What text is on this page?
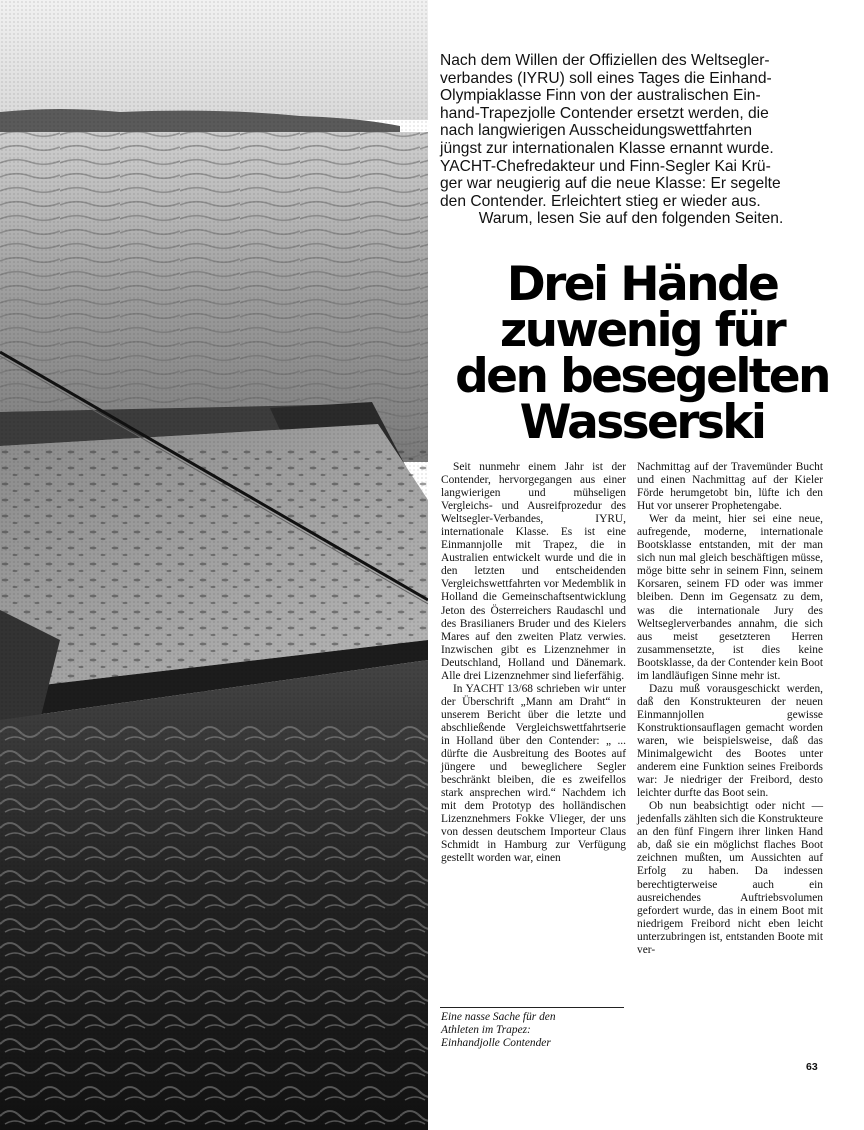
Nach dem Willen der Offiziellen des Weltsegler-
verbandes (IYRU) soll eines Tages die Einhand-
Olympiaklasse Finn von der australischen Ein-
hand-Trapezjolle Contender ersetzt werden, die
nach langwierigen Ausscheidungswettfahrten
jüngst zur internationalen Klasse ernannt wurde.
YACHT-Chefredakteur und Finn-Segler Kai Krü-
ger war neugierig auf die neue Klasse: Er segelte
den Contender. Erleichtert stieg er wieder aus.
Warum, lesen Sie auf den folgenden Seiten.
Drei Hände
zuwenig für
den besegelten
Wasserski

Seit nunmehr einem Jahr ist der Contender, hervorgegangen aus einer langwierigen und mühseligen Vergleichs- und Ausreifprozedur des Weltsegler-Verbandes, IYRU, internationale Klasse. Es ist eine Einmannjolle mit Trapez, die in Australien entwickelt wurde und die in den letzten und entscheidenden Vergleichswettfahrten vor Medemblik in Holland die Gemeinschaftsentwicklung Jeton des Österreichers Raudaschl und des Brasilianers Bruder und des Kielers Mares auf den zweiten Platz verwies. Inzwischen gibt es Lizenznehmer in Deutschland, Holland und Dänemark. Alle drei Lizenznehmer sind lieferfähig.

In YACHT 13/68 schrieben wir unter der Überschrift „Mann am Draht“ in unserem Bericht über die letzte und abschließende Vergleichswettfahrtserie in Holland über den Contender: „ ... dürfte die Ausbreitung des Bootes auf jüngere und beweglichere Segler beschränkt bleiben, die es zweifellos stark ansprechen wird.“ Nachdem ich mit dem Prototyp des holländischen Lizenznehmers Fokke Vlieger, der uns von dessen deutschem Importeur Claus Schmidt in Hamburg zur Verfügung gestellt worden war, einen

Nachmittag auf der Travemünder Bucht und einen Nachmittag auf der Kieler Förde herumgetobt bin, lüfte ich den Hut vor unserer Prophetengabe.

Wer da meint, hier sei eine neue, aufregende, moderne, internationale Bootsklasse entstanden, mit der man sich nun mal gleich beschäftigen müsse, möge bitte sehr in seinem Finn, seinem Korsaren, seinem FD oder was immer bleiben. Denn im Gegensatz zu dem, was die internationale Jury des Weltseglerverbandes annahm, die sich aus meist gesetzteren Herren zusammensetzte, ist dies keine Bootsklasse, da der Contender kein Boot im landläufigen Sinne mehr ist.

Dazu muß vorausgeschickt werden, daß den Konstrukteuren der neuen Einmannjollen gewisse Konstruktionsauflagen gemacht worden waren, wie beispielsweise, daß das Minimalgewicht des Bootes unter anderem eine Funktion seines Freibords war: Je niedriger der Freibord, desto leichter durfte das Boot sein.

Ob nun beabsichtigt oder nicht — jedenfalls zählten sich die Konstrukteure an den fünf Fingern ihrer linken Hand ab, daß sie ein möglichst flaches Boot zeichnen mußten, um Aussichten auf Erfolg zu haben. Da indessen berechtigterweise auch ein ausreichendes Auftriebsvolumen gefordert wurde, das in einem Boot mit niedrigem Freibord nicht eben leicht unterzubringen ist, entstanden Boote mit ver-

Eine nasse Sache für den
Athleten im Trapez:
Einhandjolle Contender
63
